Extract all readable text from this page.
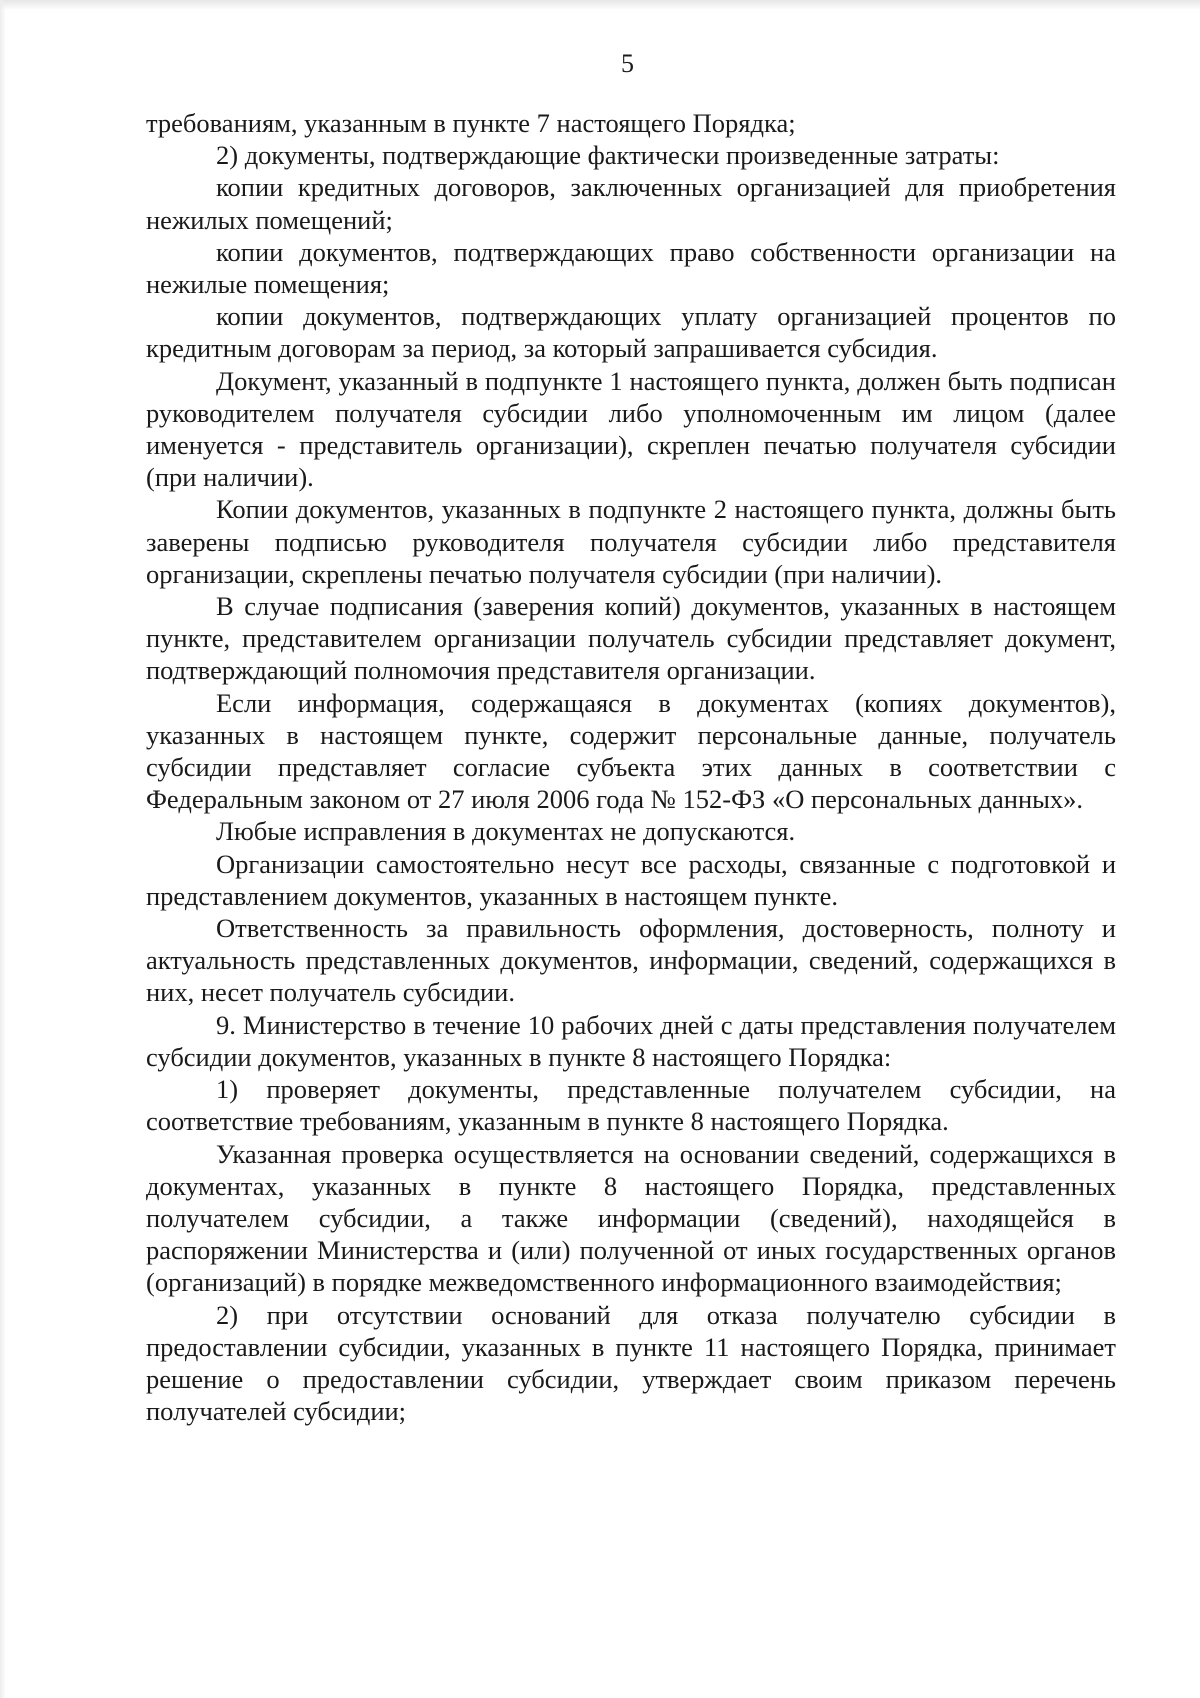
5

требованиям, указанным в пункте 7 настоящего Порядка;

2) документы, подтверждающие фактически произведенные затраты:

копии кредитных договоров, заключенных организацией для приобретения нежилых помещений;

копии документов, подтверждающих право собственности организации на нежилые помещения;

копии документов, подтверждающих уплату организацией процентов по кредитным договорам за период, за который запрашивается субсидия.

Документ, указанный в подпункте 1 настоящего пункта, должен быть подписан руководителем получателя субсидии либо уполномоченным им лицом (далее именуется - представитель организации), скреплен печатью получателя субсидии (при наличии).

Копии документов, указанных в подпункте 2 настоящего пункта, должны быть заверены подписью руководителя получателя субсидии либо представителя организации, скреплены печатью получателя субсидии (при наличии).

В случае подписания (заверения копий) документов, указанных в настоящем пункте, представителем организации получатель субсидии представляет документ, подтверждающий полномочия представителя организации.

Если информация, содержащаяся в документах (копиях документов), указанных в настоящем пункте, содержит персональные данные, получатель субсидии представляет согласие субъекта этих данных в соответствии с Федеральным законом от 27 июля 2006 года № 152-ФЗ «О персональных данных».

Любые исправления в документах не допускаются.

Организации самостоятельно несут все расходы, связанные с подготовкой и представлением документов, указанных в настоящем пункте.

Ответственность за правильность оформления, достоверность, полноту и актуальность представленных документов, информации, сведений, содержащихся в них, несет получатель субсидии.

9. Министерство в течение 10 рабочих дней с даты представления получателем субсидии документов, указанных в пункте 8 настоящего Порядка:

1) проверяет документы, представленные получателем субсидии, на соответствие требованиям, указанным в пункте 8 настоящего Порядка.

Указанная проверка осуществляется на основании сведений, содержащихся в документах, указанных в пункте 8 настоящего Порядка, представленных получателем субсидии, а также информации (сведений), находящейся в распоряжении Министерства и (или) полученной от иных государственных органов (организаций) в порядке межведомственного информационного взаимодействия;

2) при отсутствии оснований для отказа получателю субсидии в предоставлении субсидии, указанных в пункте 11 настоящего Порядка, принимает решение о предоставлении субсидии, утверждает своим приказом перечень получателей субсидии;
